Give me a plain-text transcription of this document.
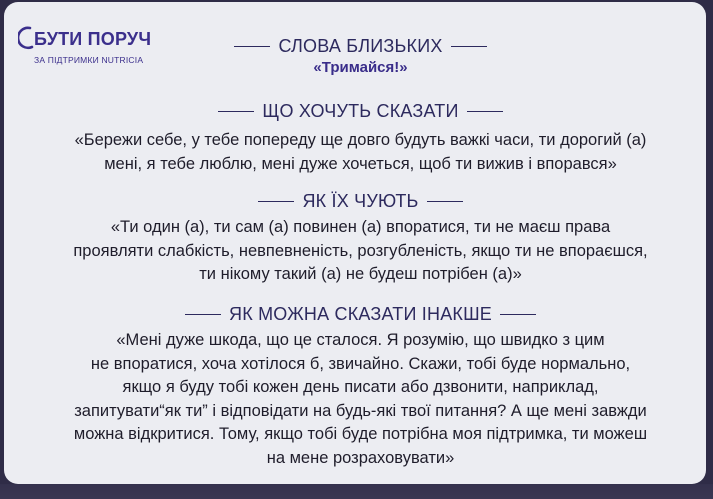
БУТИ ПОРУЧ
ЗА ПІДТРИМКИ NUTRICIA
СЛОВА БЛИЗЬКИХ
«Тримайся!»
ЩО ХОЧУТЬ СКАЗАТИ
«Бережи себе, у тебе попереду ще довго будуть важкі часи, ти дорогий (а)
мені, я тебе люблю, мені дуже хочеться, щоб ти вижив і впорався»
ЯК ЇХ ЧУЮТЬ
«Ти один (а), ти сам (а) повинен (а) впоратися, ти не маєш права
проявляти слабкість, невпевненість, розгубленість, якщо ти не впораєшся,
ти нікому такий (а) не будеш потрібен (а)»
ЯК МОЖНА СКАЗАТИ ІНАКШЕ
«Мені дуже шкода, що це сталося. Я розумію, що швидко з цим
не впоратися, хоча хотілося б, звичайно. Скажи, тобі буде нормально,
якщо я буду тобі кожен день писати або дзвонити, наприклад,
запитувати“як ти” і відповідати на будь-які твої питання? А ще мені завжди
можна відкритися. Тому, якщо тобі буде потрібна моя підтримка, ти можеш
на мене розраховувати»
